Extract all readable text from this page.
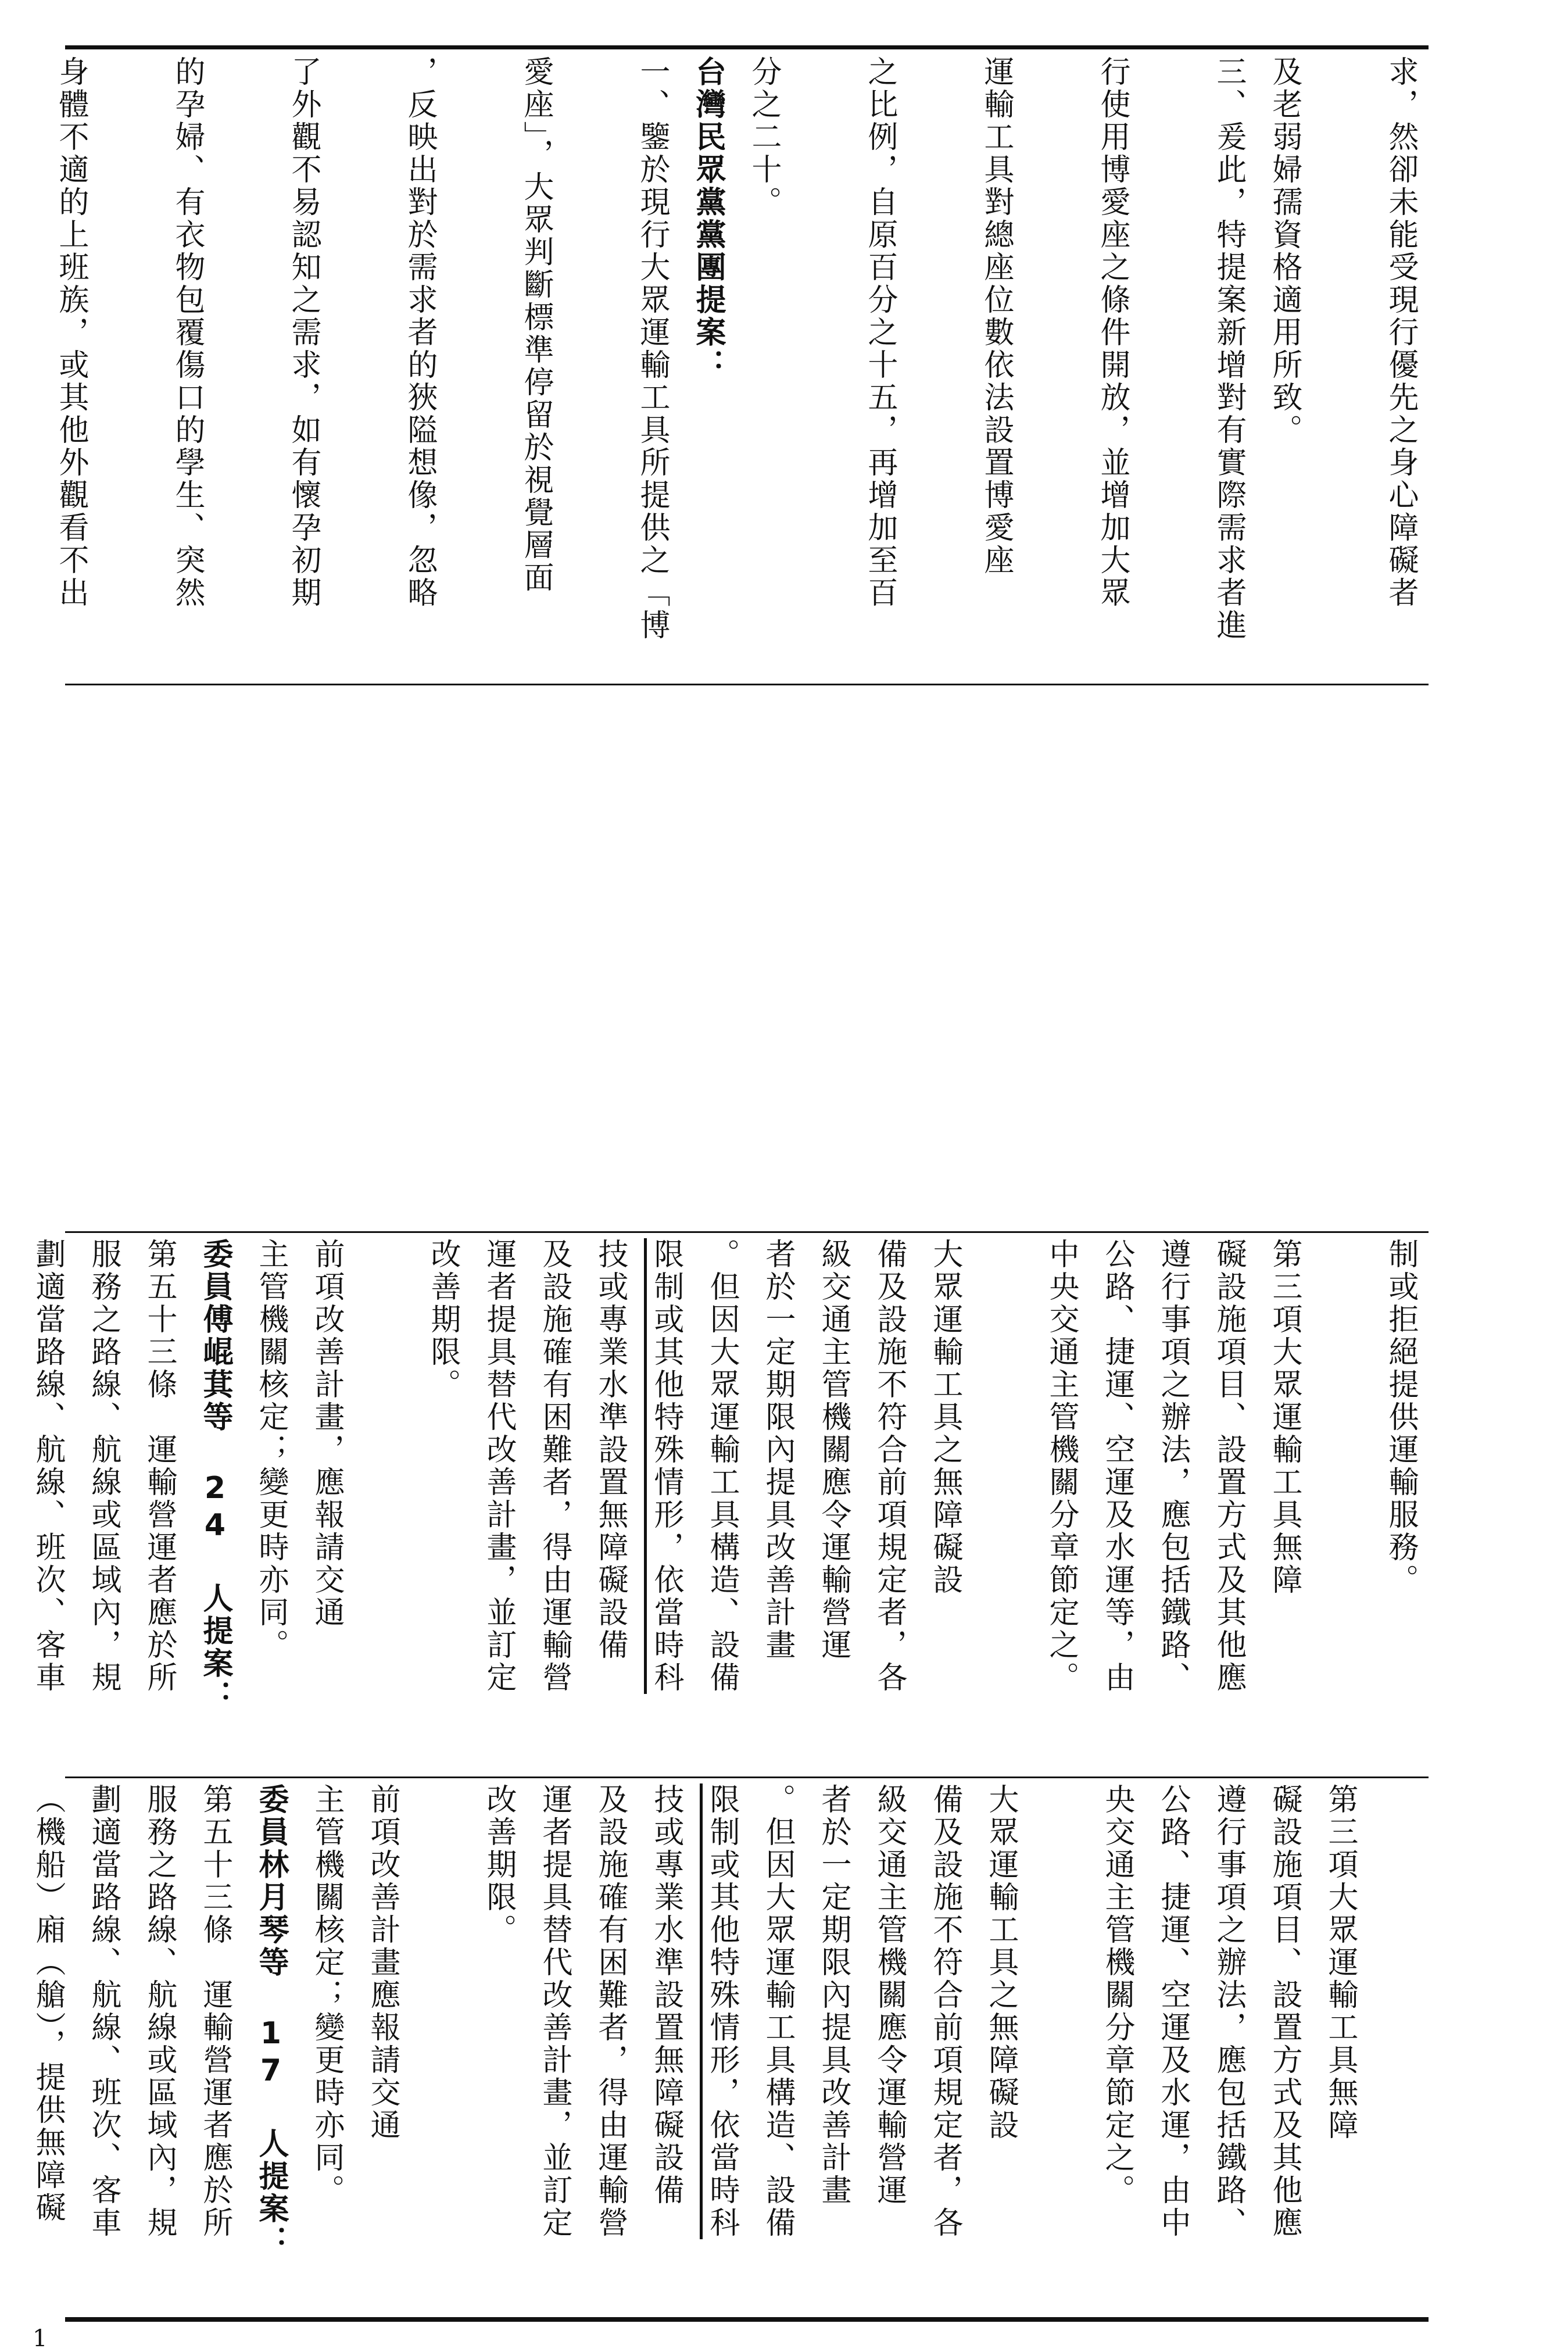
求，然卻未能受現行優先之身心障礙者
及老弱婦孺資格適用所致。
三、爰此，特提案新增對有實際需求者進
行使用博愛座之條件開放，並增加大眾
運輸工具對總座位數依法設置博愛座
之比例，自原百分之十五，再增加至百
分之二十。
台灣民眾黨黨團提案：
一、鑒於現行大眾運輸工具所提供之「博
愛座」，大眾判斷標準停留於視覺層面
，反映出對於需求者的狹隘想像，忽略
了外觀不易認知之需求，如有懷孕初期
的孕婦、有衣物包覆傷口的學生、突然
身體不適的上班族，或其他外觀看不出
制或拒絕提供運輸服務。
第三項大眾運輸工具無障
礙設施項目、設置方式及其他應
遵行事項之辦法，應包括鐵路、
公路、捷運、空運及水運等，由
中央交通主管機關分章節定之。
大眾運輸工具之無障礙設
備及設施不符合前項規定者，各
級交通主管機關應令運輸營運
者於一定期限內提具改善計畫
。但因大眾運輸工具構造、設備
限制或其他特殊情形，依當時科
技或專業水準設置無障礙設備
及設施確有困難者，得由運輸營
運者提具替代改善計畫，並訂定
改善期限。
前項改善計畫，應報請交通
主管機關核定；變更時亦同。
委員傅崐萁等 24 人提案：
第五十三條　運輸營運者應於所
服務之路線、航線或區域內，規
劃適當路線、航線、班次、客車
第三項大眾運輸工具無障
礙設施項目、設置方式及其他應
遵行事項之辦法，應包括鐵路、
公路、捷運、空運及水運，由中
央交通主管機關分章節定之。
大眾運輸工具之無障礙設
備及設施不符合前項規定者，各
級交通主管機關應令運輸營運
者於一定期限內提具改善計畫
。但因大眾運輸工具構造、設備
限制或其他特殊情形，依當時科
技或專業水準設置無障礙設備
及設施確有困難者，得由運輸營
運者提具替代改善計畫，並訂定
改善期限。
前項改善計畫應報請交通
主管機關核定；變更時亦同。
委員林月琴等 17 人提案：
第五十三條　運輸營運者應於所
服務之路線、航線或區域內，規
劃適當路線、航線、班次、客車
（機船）廂（艙），提供無障礙
1
